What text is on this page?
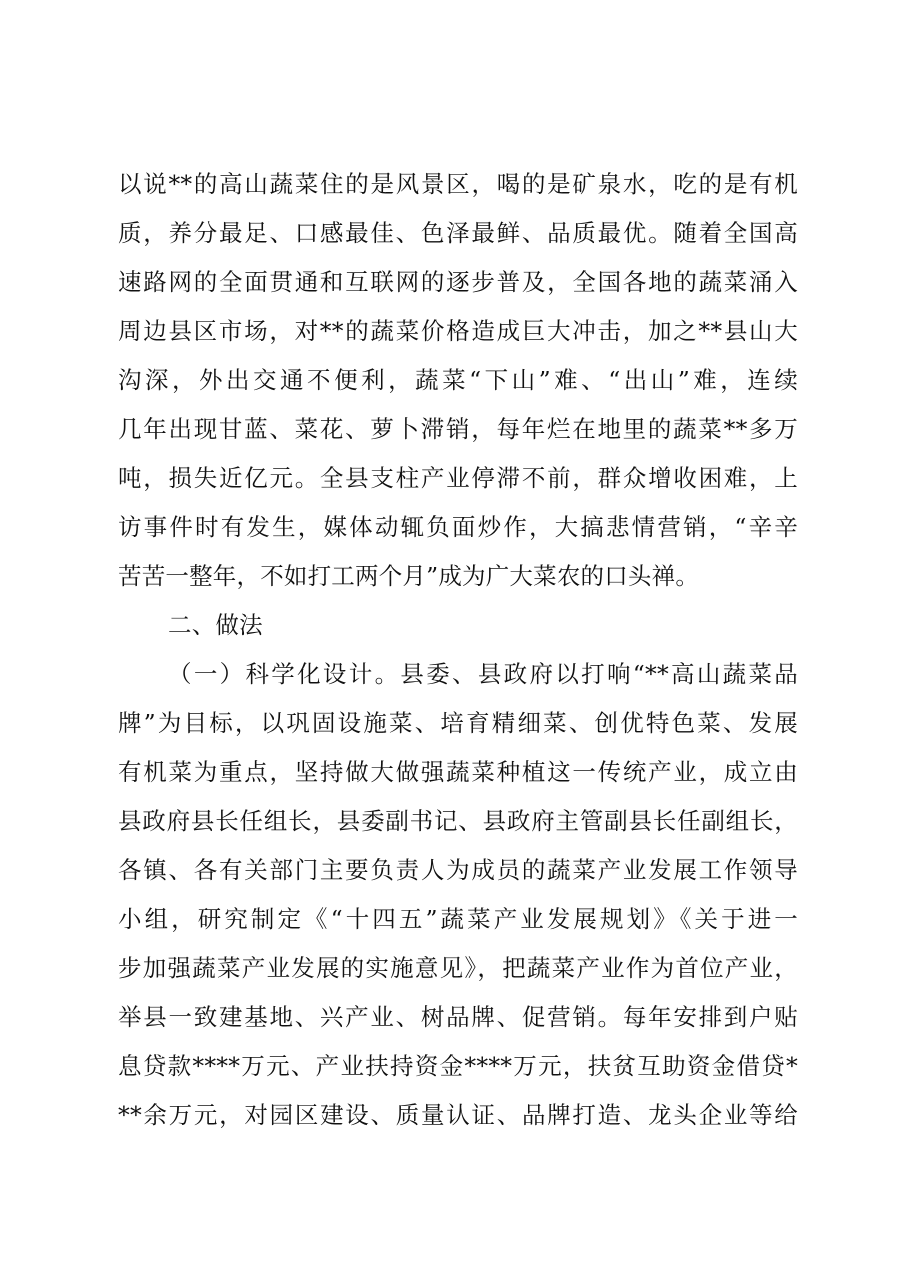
以说**的高山蔬菜住的是风景区，喝的是矿泉水，吃的是有机
质，养分最足、口感最佳、色泽最鲜、品质最优。随着全国高
速路网的全面贯通和互联网的逐步普及，全国各地的蔬菜涌入
周边县区市场，对**的蔬菜价格造成巨大冲击，加之**县山大
沟深，外出交通不便利，蔬菜“下山”难、“出山”难，连续
几年出现甘蓝、菜花、萝卜滞销，每年烂在地里的蔬菜**多万
吨，损失近亿元。全县支柱产业停滞不前，群众增收困难，上
访事件时有发生，媒体动辄负面炒作，大搞悲情营销，“辛辛
苦苦一整年，不如打工两个月”成为广大菜农的口头禅。
二、做法
（一）科学化设计。县委、县政府以打响“**高山蔬菜品
牌”为目标，以巩固设施菜、培育精细菜、创优特色菜、发展
有机菜为重点，坚持做大做强蔬菜种植这一传统产业，成立由
县政府县长任组长，县委副书记、县政府主管副县长任副组长，
各镇、各有关部门主要负责人为成员的蔬菜产业发展工作领导
小组，研究制定《“十四五”蔬菜产业发展规划》《关于进一
步加强蔬菜产业发展的实施意见》，把蔬菜产业作为首位产业，
举县一致建基地、兴产业、树品牌、促营销。每年安排到户贴
息贷款****万元、产业扶持资金****万元，扶贫互助资金借贷*
**余万元，对园区建设、质量认证、品牌打造、龙头企业等给
